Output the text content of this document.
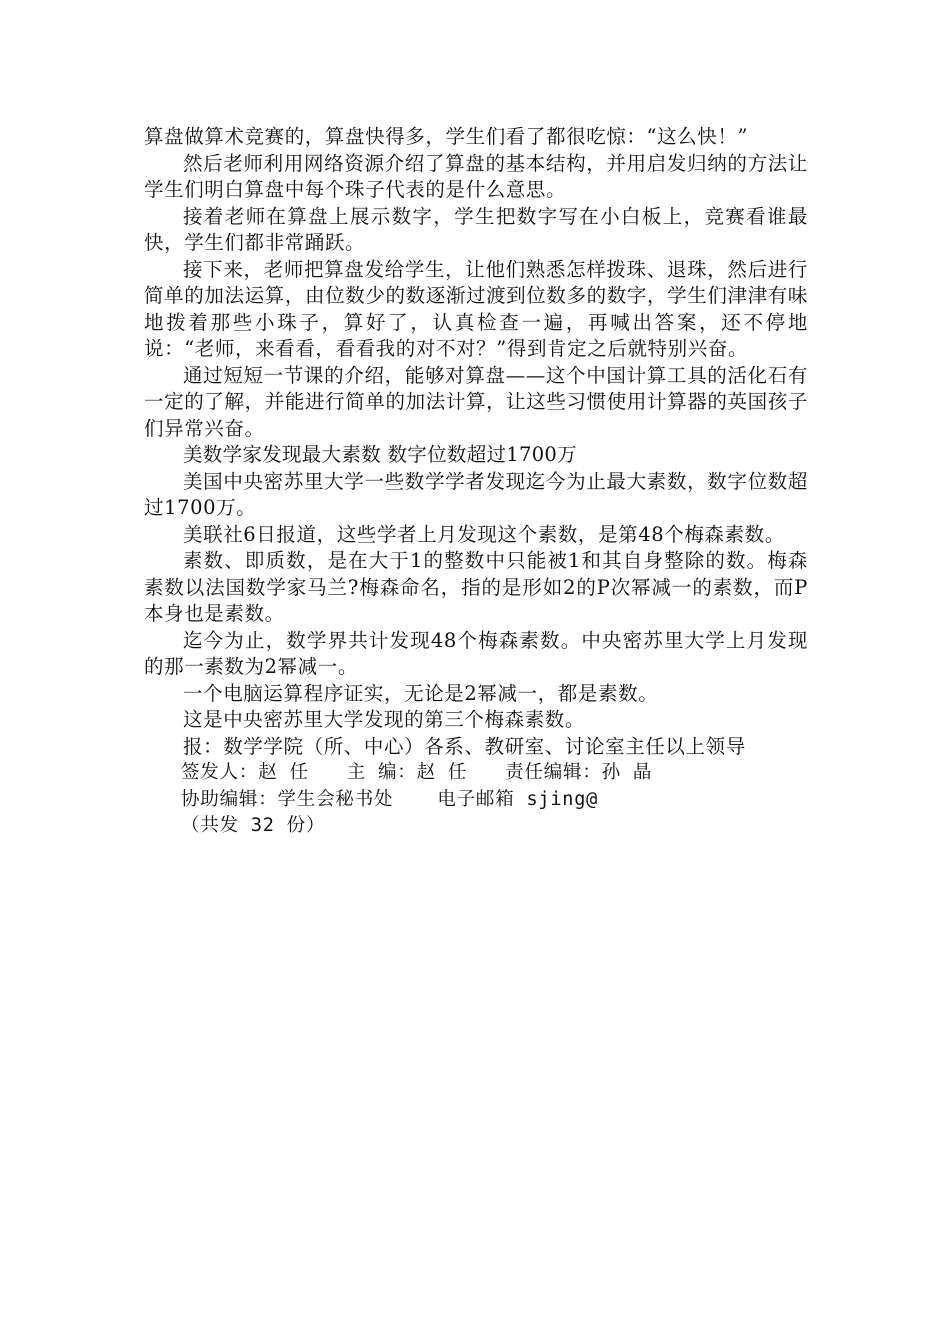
算盘做算术竞赛的，算盘快得多，学生们看了都很吃惊：“这么快！”

然后老师利用网络资源介绍了算盘的基本结构，并用启发归纳的方法让学生们明白算盘中每个珠子代表的是什么意思。

接着老师在算盘上展示数字，学生把数字写在小白板上，竞赛看谁最快，学生们都非常踊跃。

接下来，老师把算盘发给学生，让他们熟悉怎样拨珠、退珠，然后进行简单的加法运算，由位数少的数逐渐过渡到位数多的数字，学生们津津有味地拨着那些小珠子，算好了，认真检查一遍，再喊出答案，还不停地说：“老师，来看看，看看我的对不对？”得到肯定之后就特别兴奋。

通过短短一节课的介绍，能够对算盘——这个中国计算工具的活化石有一定的了解，并能进行简单的加法计算，让这些习惯使用计算器的英国孩子们异常兴奋。

美数学家发现最大素数 数字位数超过1700万

美国中央密苏里大学一些数学学者发现迄今为止最大素数，数字位数超过1700万。

美联社6日报道，这些学者上月发现这个素数，是第48个梅森素数。

素数、即质数，是在大于1的整数中只能被1和其自身整除的数。梅森素数以法国数学家马兰?梅森命名，指的是形如2的P次幂减一的素数，而P本身也是素数。

迄今为止，数学界共计发现48个梅森素数。中央密苏里大学上月发现的那一素数为2幂减一。

一个电脑运算程序证实，无论是2幂减一，都是素数。

这是中央密苏里大学发现的第三个梅森素数。

报：数学学院（所、中心）各系、教研室、讨论室主任以上领导

签发人：赵 任 主 编：赵 任 责任编辑：孙 晶

协助编辑：学生会秘书处 电子邮箱 sjing@

（共发 32 份）
